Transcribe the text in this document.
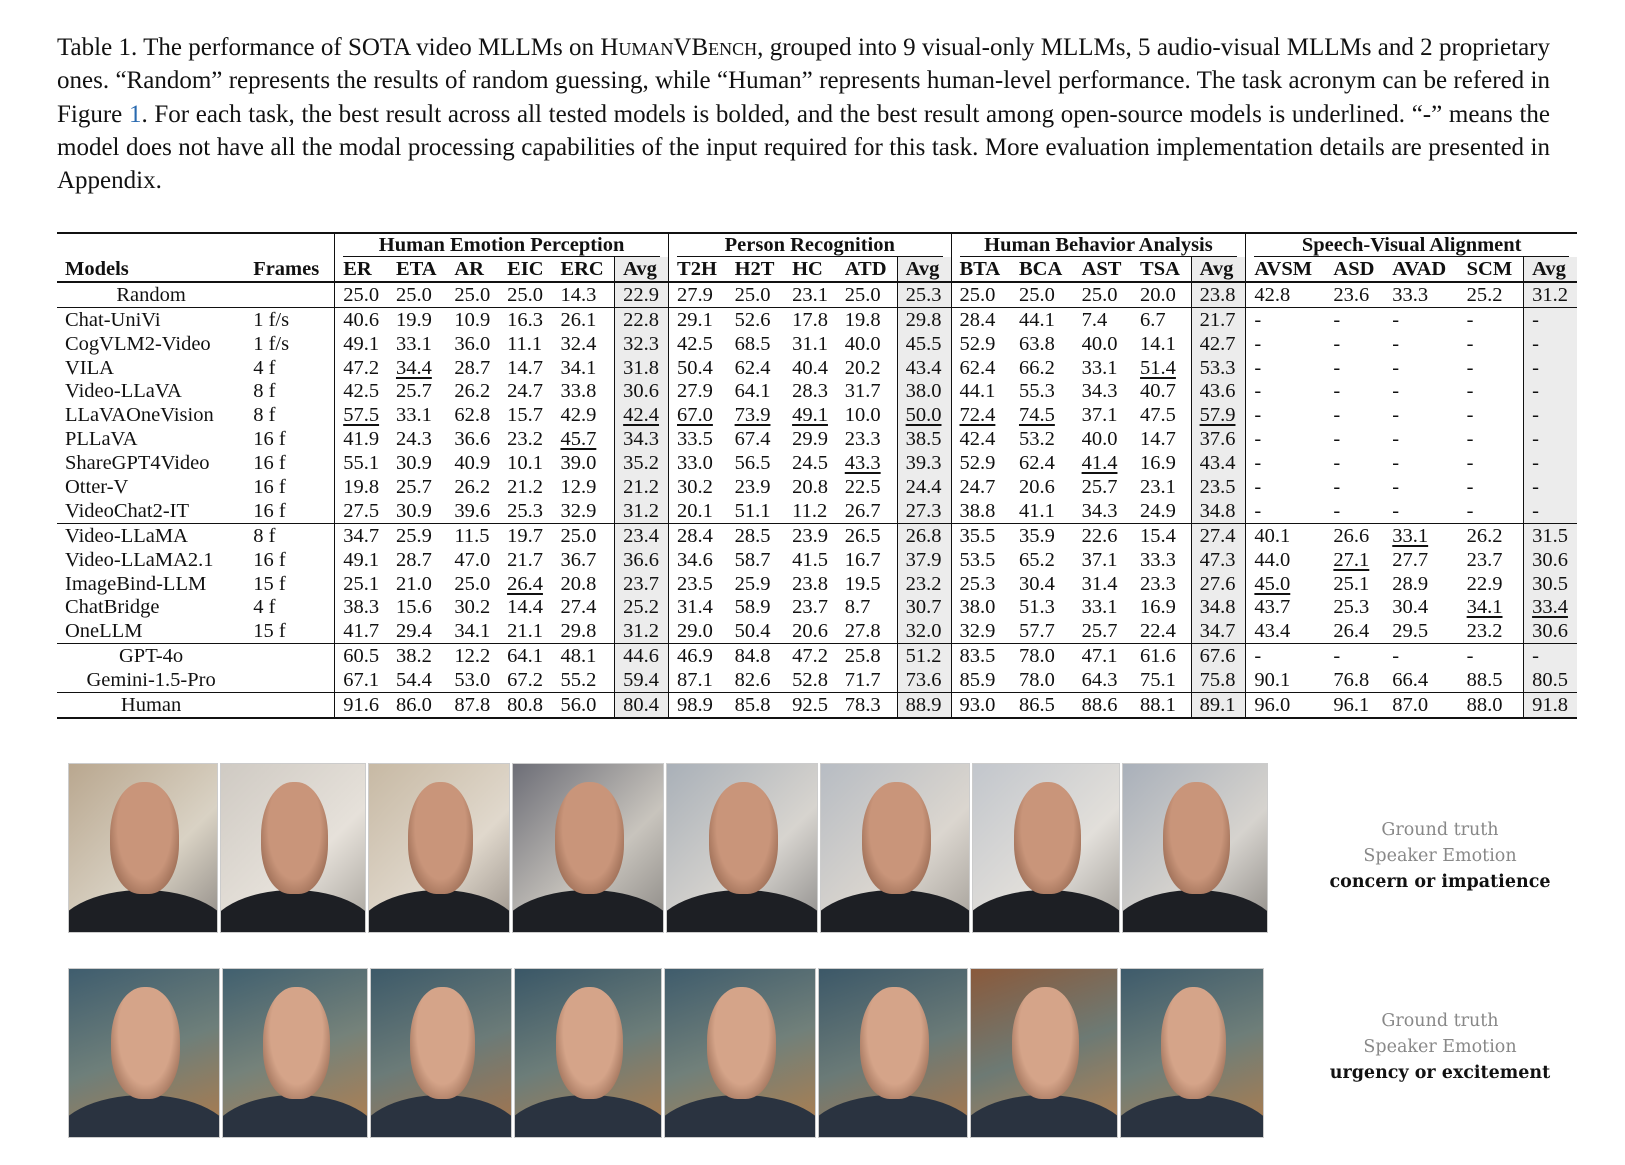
Table 1. The performance of SOTA video MLLMs on HumanVBench, grouped into 9 visual-only MLLMs, 5 audio-visual MLLMs and 2 proprietary ones. “Random” represents the results of random guessing, while “Human” represents human-level performance. The task acronym can be refered in Figure 1. For each task, the best result across all tested models is bolded, and the best result among open-source models is underlined. “-” means the model does not have all the modal processing capabilities of the input required for this task. More evaluation implementation details are presented in Appendix.

		Human Emotion Perception						Person Recognition					Human Behavior Analysis					Speech-Visual Alignment				

Models	Frames	ER	ETA	AR	EIC	ERC	Avg	T2H	H2T	HC	ATD	Avg	BTA	BCA	AST	TSA	Avg	AVSM	ASD	AVAD	SCM	Avg
Random		25.0	25.0	25.0	25.0	14.3	22.9	27.9	25.0	23.1	25.0	25.3	25.0	25.0	25.0	20.0	23.8	42.8	23.6	33.3	25.2	31.2
Chat-UniVi	1 f/s	40.6	19.9	10.9	16.3	26.1	22.8	29.1	52.6	17.8	19.8	29.8	28.4	44.1	7.4	6.7	21.7	-	-	-	-	-
CogVLM2-Video	1 f/s	49.1	33.1	36.0	11.1	32.4	32.3	42.5	68.5	31.1	40.0	45.5	52.9	63.8	40.0	14.1	42.7	-	-	-	-	-
VILA	4 f	47.2	34.4	28.7	14.7	34.1	31.8	50.4	62.4	40.4	20.2	43.4	62.4	66.2	33.1	51.4	53.3	-	-	-	-	-
Video-LLaVA	8 f	42.5	25.7	26.2	24.7	33.8	30.6	27.9	64.1	28.3	31.7	38.0	44.1	55.3	34.3	40.7	43.6	-	-	-	-	-
LLaVAOneVision	8 f	57.5	33.1	62.8	15.7	42.9	42.4	67.0	73.9	49.1	10.0	50.0	72.4	74.5	37.1	47.5	57.9	-	-	-	-	-
PLLaVA	16 f	41.9	24.3	36.6	23.2	45.7	34.3	33.5	67.4	29.9	23.3	38.5	42.4	53.2	40.0	14.7	37.6	-	-	-	-	-
ShareGPT4Video	16 f	55.1	30.9	40.9	10.1	39.0	35.2	33.0	56.5	24.5	43.3	39.3	52.9	62.4	41.4	16.9	43.4	-	-	-	-	-
Otter-V	16 f	19.8	25.7	26.2	21.2	12.9	21.2	30.2	23.9	20.8	22.5	24.4	24.7	20.6	25.7	23.1	23.5	-	-	-	-	-
VideoChat2-IT	16 f	27.5	30.9	39.6	25.3	32.9	31.2	20.1	51.1	11.2	26.7	27.3	38.8	41.1	34.3	24.9	34.8	-	-	-	-	-
Video-LLaMA	8 f	34.7	25.9	11.5	19.7	25.0	23.4	28.4	28.5	23.9	26.5	26.8	35.5	35.9	22.6	15.4	27.4	40.1	26.6	33.1	26.2	31.5
Video-LLaMA2.1	16 f	49.1	28.7	47.0	21.7	36.7	36.6	34.6	58.7	41.5	16.7	37.9	53.5	65.2	37.1	33.3	47.3	44.0	27.1	27.7	23.7	30.6
ImageBind-LLM	15 f	25.1	21.0	25.0	26.4	20.8	23.7	23.5	25.9	23.8	19.5	23.2	25.3	30.4	31.4	23.3	27.6	45.0	25.1	28.9	22.9	30.5
ChatBridge	4 f	38.3	15.6	30.2	14.4	27.4	25.2	31.4	58.9	23.7	8.7	30.7	38.0	51.3	33.1	16.9	34.8	43.7	25.3	30.4	34.1	33.4
OneLLM	15 f	41.7	29.4	34.1	21.1	29.8	31.2	29.0	50.4	20.6	27.8	32.0	32.9	57.7	25.7	22.4	34.7	43.4	26.4	29.5	23.2	30.6
GPT-4o		60.5	38.2	12.2	64.1	48.1	44.6	46.9	84.8	47.2	25.8	51.2	83.5	78.0	47.1	61.6	67.6	-	-	-	-	-
Gemini-1.5-Pro		67.1	54.4	53.0	67.2	55.2	59.4	87.1	82.6	52.8	71.7	73.6	85.9	78.0	64.3	75.1	75.8	90.1	76.8	66.4	88.5	80.5
Human		91.6	86.0	87.8	80.8	56.0	80.4	98.9	85.8	92.5	78.3	88.9	93.0	86.5	88.6	88.1	89.1	96.0	96.1	87.0	88.0	91.8
Ground truth
Speaker Emotion
concern or impatience
Ground truth
Speaker Emotion
urgency or excitement
